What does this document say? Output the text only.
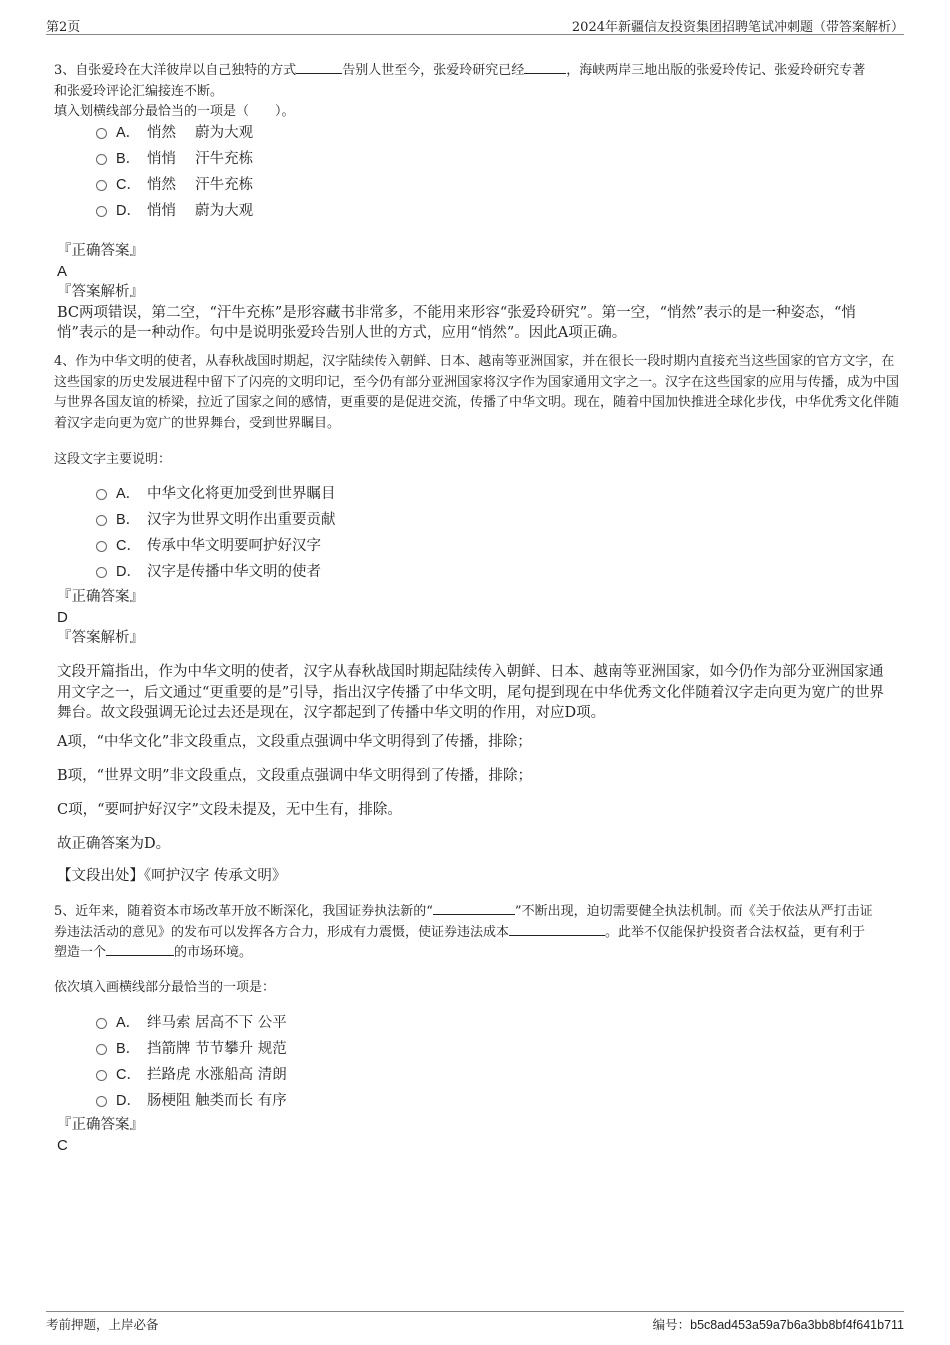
第2页	2024年新疆信友投资集团招聘笔试冲刺题（带答案解析）

3、自张爱玲在大洋彼岸以自己独特的方式	告别人世至今，张爱玲研究已经	，海峡两岸三地出版的张爱玲传记、张爱玲研究专著

和张爱玲评论汇编接连不断。

填入划横线部分最恰当的一项是（　　）。

A． 悄然　 蔚为大观
B． 悄悄　 汗牛充栋
C． 悄然　 汗牛充栋
D． 悄悄　 蔚为大观

『正确答案』

A

『答案解析』

BC两项错误，第二空，“汗牛充栋”是形容藏书非常多，不能用来形容“张爱玲研究”。第一空，“悄然”表示的是一种姿态，“悄悄”表示的是一种动作。句中是说明张爱玲告别人世的方式，应用“悄然”。因此A项正确。

4、作为中华文明的使者，从春秋战国时期起，汉字陆续传入朝鲜、日本、越南等亚洲国家，并在很长一段时期内直接充当这些国家的官方文字，在这些国家的历史发展进程中留下了闪亮的文明印记，至今仍有部分亚洲国家将汉字作为国家通用文字之一。汉字在这些国家的应用与传播，成为中国与世界各国友谊的桥梁，拉近了国家之间的感情，更重要的是促进交流，传播了中华文明。现在，随着中国加快推进全球化步伐，中华优秀文化伴随着汉字走向更为宽广的世界舞台，受到世界瞩目。

这段文字主要说明：
A． 中华文化将更加受到世界瞩目
B． 汉字为世界文明作出重要贡献
C． 传承中华文明要呵护好汉字
D． 汉字是传播中华文明的使者

『正确答案』

D

『答案解析』

文段开篇指出，作为中华文明的使者，汉字从春秋战国时期起陆续传入朝鲜、日本、越南等亚洲国家，如今仍作为部分亚洲国家通用文字之一，后文通过“更重要的是”引导，指出汉字传播了中华文明，尾句提到现在中华优秀文化伴随着汉字走向更为宽广的世界舞台。故文段强调无论过去还是现在，汉字都起到了传播中华文明的作用，对应D项。
A项，“中华文化”非文段重点，文段重点强调中华文明得到了传播，排除；
B项，“世界文明”非文段重点，文段重点强调中华文明得到了传播，排除；
C项，“要呵护好汉字”文段未提及，无中生有，排除。
故正确答案为D。
【文段出处】《呵护汉字 传承文明》

5、近年来，随着资本市场改革开放不断深化，我国证券执法新的“	”不断出现，迫切需要健全执法机制。而《关于依法从严打击证

券违法活动的意见》的发布可以发挥各方合力，形成有力震慑，使证券违法成本	。此举不仅能保护投资者合法权益，更有利于

塑造一个	的市场环境。

依次填入画横线部分最恰当的一项是：
A． 绊马索 居高不下 公平
B． 挡箭牌 节节攀升 规范
C． 拦路虎 水涨船高 清朗
D． 肠梗阻 触类而长 有序

『正确答案』

C

考前押题，上岸必备	编号：b5c8ad453a59a7b6a3bb8bf4f641b711
